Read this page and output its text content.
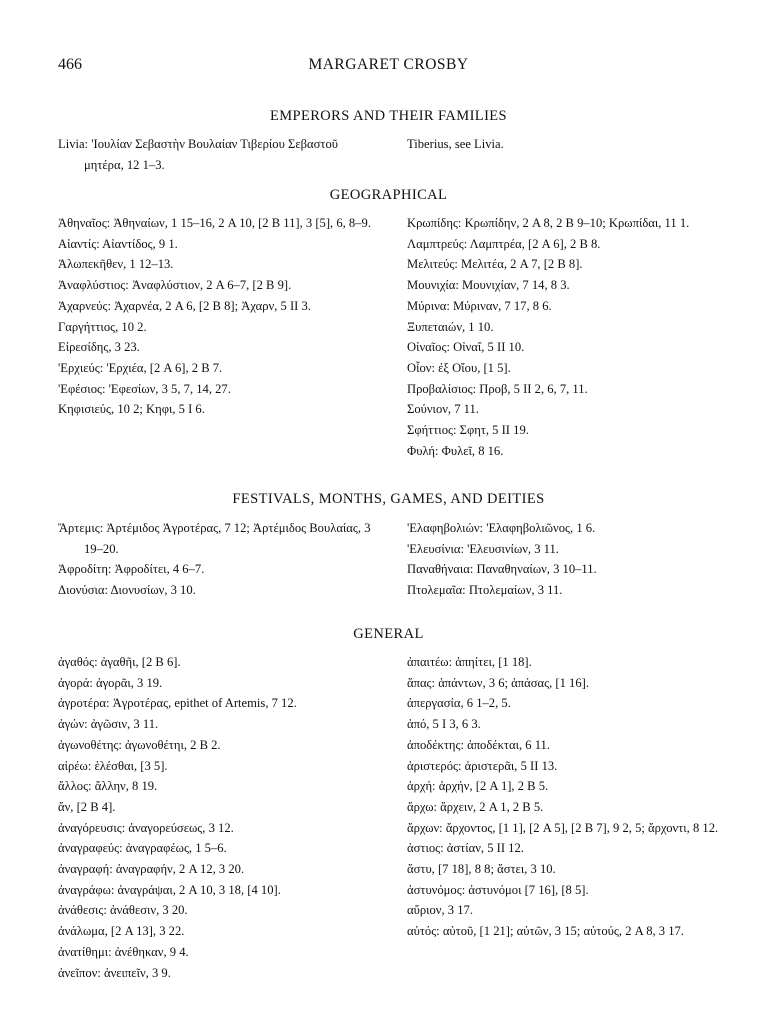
466	MARGARET CROSBY
EMPERORS AND THEIR FAMILIES

Livia: 'Ιουλίαν Σεβαστὴν Βουλαίαν Τιβερίου Σεβαστοῦ μητέρα, 12 1–3.

Tiberius, see Livia.

GEOGRAPHICAL

Ἀθηναῖος: Ἀθηναίων, 1 15–16, 2 A 10, [2 B 11], 3 [5], 6, 8–9.

Αἰαντίς: Αἰαντίδος, 9 1.

Ἀλωπεκῆθεν, 1 12–13.

Ἀναφλύστιος: Ἀναφλύστιον, 2 A 6–7, [2 B 9].

Ἀχαρνεύς: Ἀχαρνέα, 2 A 6, [2 B 8]; Ἀχαρν, 5 II 3.

Γαργήττιος, 10 2.

Εἰρεσίδης, 3 23.

'Ερχιεύς: 'Ερχιέα, [2 A 6], 2 B 7.

'Εφέσιος: 'Εφεσίων, 3 5, 7, 14, 27.

Κηφισιεύς, 10 2; Κηφι, 5 I 6.

Κρωπίδης: Κρωπίδην, 2 A 8, 2 B 9–10; Κρωπίδαι, 11 1.

Λαμπτρεύς: Λαμπτρέα, [2 A 6], 2 B 8.

Μελιτεύς: Μελιτέα, 2 A 7, [2 B 8].

Μουνιχία: Μουνιχίαν, 7 14, 8 3.

Μύρινα: Μύριναν, 7 17, 8 6.

Ξυπεταιών, 1 10.

Οἰναῖος: Οἰναΐ, 5 II 10.

Οἶον: ἐξ Οἴου, [1 5].

Προβαλίσιος: Προβ, 5 II 2, 6, 7, 11.

Σούνιον, 7 11.

Σφήττιος: Σφητ, 5 II 19.

Φυλή: Φυλεῖ, 8 16.

FESTIVALS, MONTHS, GAMES, AND DEITIES

Ἄρτεμις: Ἀρτέμιδος Ἀγροτέρας, 7 12; Ἀρτέμιδος Βουλαίας, 3 19–20.

Ἀφροδίτη: Ἀφροδίτει, 4 6–7.

Διονύσια: Διονυσίων, 3 10.

'Ελαφηβολιών: 'Ελαφηβολιῶνος, 1 6.

'Ελευσίνια: 'Ελευσινίων, 3 11.

Παναθήναια: Παναθηναίων, 3 10–11.

Πτολεμαῖα: Πτολεμαίων, 3 11.

GENERAL

ἀγαθός: ἀγαθῆι, [2 B 6].

ἀγορά: ἀγορᾶι, 3 19.

ἀγροτέρα: Ἀγροτέρας, epithet of Artemis, 7 12.

ἀγών: ἀγῶσιν, 3 11.

ἀγωνοθέτης: ἀγωνοθέτηι, 2 B 2.

αἱρέω: ἑλέσθαι, [3 5].

ἄλλος: ἄλλην, 8 19.

ἄν, [2 B 4].

ἀναγόρευσις: ἀναγορεύσεως, 3 12.

ἀναγραφεύς: ἀναγραφέως, 1 5–6.

ἀναγραφή: ἀναγραφήν, 2 A 12, 3 20.

ἀναγράφω: ἀναγράψαι, 2 A 10, 3 18, [4 10].

ἀνάθεσις: ἀνάθεσιν, 3 20.

ἀνάλωμα, [2 A 13], 3 22.

ἀνατίθημι: ἀνέθηκαν, 9 4.

ἀνεῖπον: ἀνειπεῖν, 3 9.

ἀπαιτέω: ἀπηίτει, [1 18].

ἅπας: ἁπάντων, 3 6; ἁπάσας, [1 16].

ἀπεργασία, 6 1–2, 5.

ἀπό, 5 I 3, 6 3.

ἀποδέκτης: ἀποδέκται, 6 11.

ἀριστερός: ἀριστερᾶι, 5 II 13.

ἀρχή: ἀρχήν, [2 A 1], 2 B 5.

ἄρχω: ἄρχειν, 2 A 1, 2 B 5.

ἄρχων: ἄρχοντος, [1 1], [2 A 5], [2 B 7], 9 2, 5; ἄρχοντι, 8 12.

ἀστιος: ἀστίαν, 5 II 12.

ἄστυ, [7 18], 8 8; ἄστει, 3 10.

ἀστυνόμος: ἀστυνόμοι [7 16], [8 5].

αὔριον, 3 17.

αὐτός: αὐτοῦ, [1 21]; αὐτῶν, 3 15; αὐτούς, 2 A 8, 3 17.
